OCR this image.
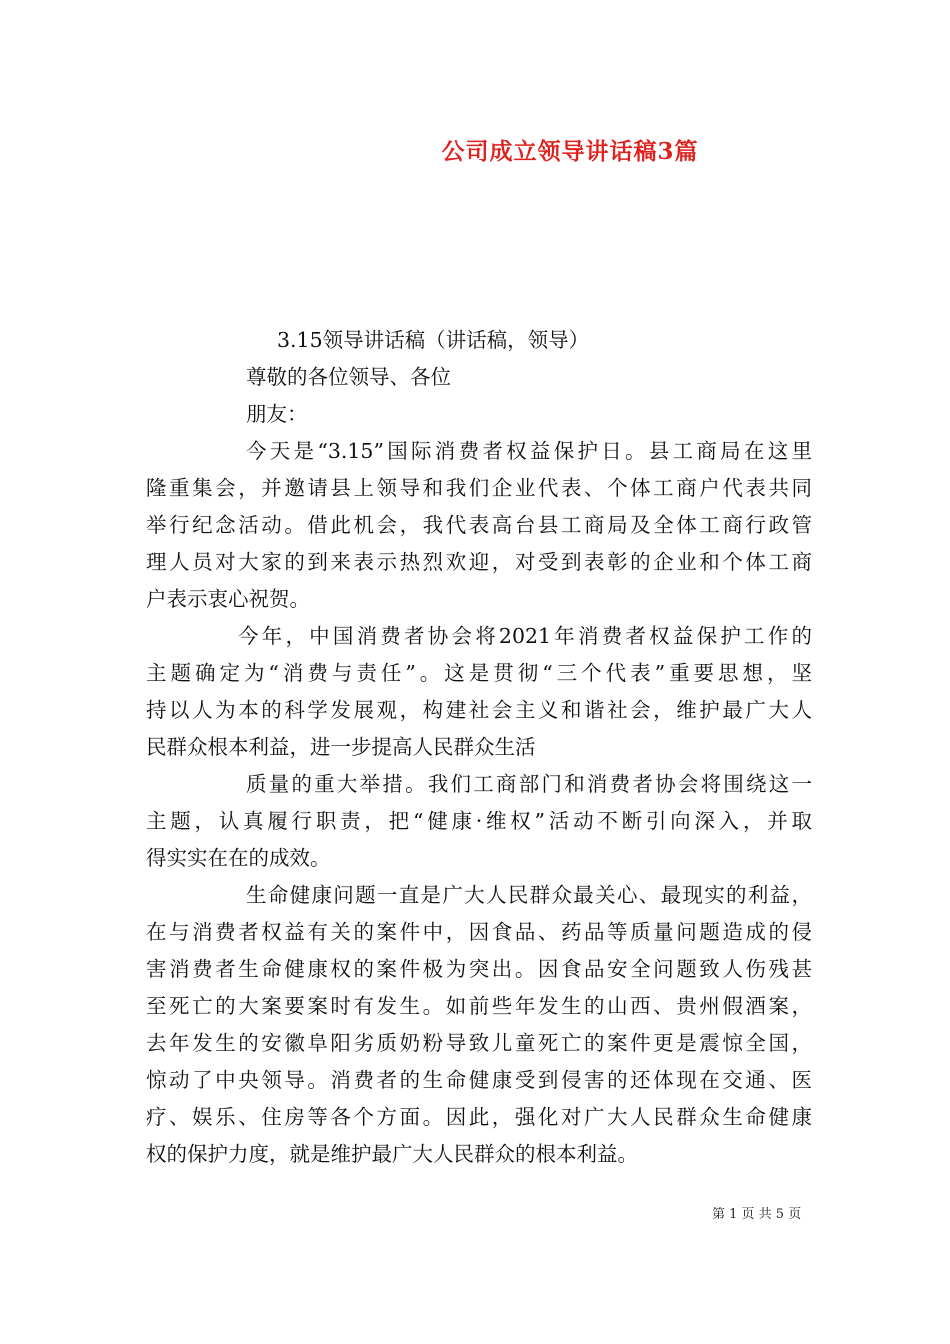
公司成立领导讲话稿3篇
3.15领导讲话稿（讲话稿，领导）
尊敬的各位领导、各位
朋友：
今天是“3.15”国际消费者权益保护日。县工商局在这里
隆重集会，并邀请县上领导和我们企业代表、个体工商户代表共同
举行纪念活动。借此机会，我代表高台县工商局及全体工商行政管
理人员对大家的到来表示热烈欢迎，对受到表彰的企业和个体工商
户表示衷心祝贺。
今年，中国消费者协会将2021年消费者权益保护工作的
主题确定为“消费与责任”。这是贯彻“三个代表”重要思想，坚
持以人为本的科学发展观，构建社会主义和谐社会，维护最广大人
民群众根本利益，进一步提高人民群众生活
质量的重大举措。我们工商部门和消费者协会将围绕这一
主题，认真履行职责，把“健康·维权”活动不断引向深入，并取
得实实在在的成效。
生命健康问题一直是广大人民群众最关心、最现实的利益，
在与消费者权益有关的案件中，因食品、药品等质量问题造成的侵
害消费者生命健康权的案件极为突出。因食品安全问题致人伤残甚
至死亡的大案要案时有发生。如前些年发生的山西、贵州假酒案，
去年发生的安徽阜阳劣质奶粉导致儿童死亡的案件更是震惊全国，
惊动了中央领导。消费者的生命健康受到侵害的还体现在交通、医
疗、娱乐、住房等各个方面。因此，强化对广大人民群众生命健康
权的保护力度，就是维护最广大人民群众的根本利益。
第 1 页 共 5 页
